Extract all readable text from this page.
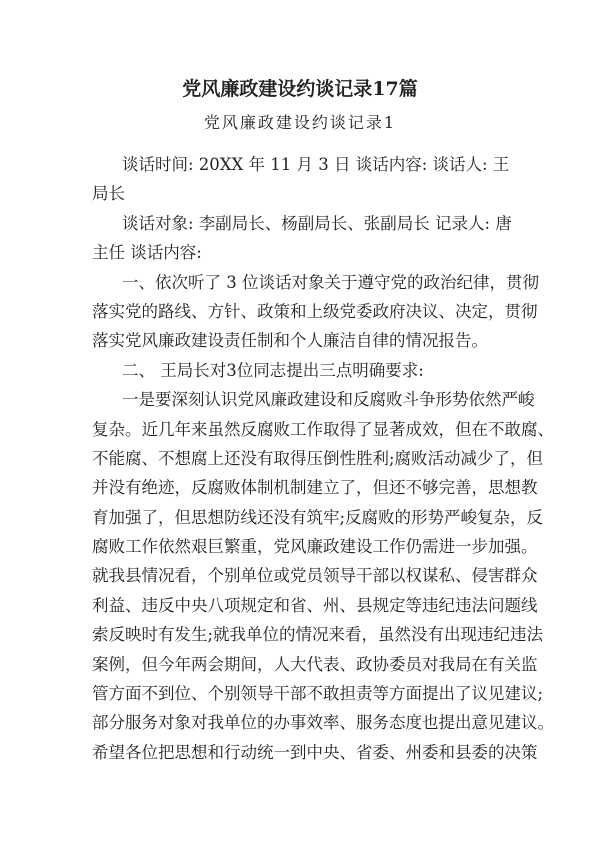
党风廉政建设约谈记录17篇
党风廉政建设约谈记录1
谈话时间: 20XX 年 11 月 3 日 谈话内容: 谈话人: 王
局长
谈话对象: 李副局长、杨副局长、张副局长 记录人: 唐
主任 谈话内容:
一、依次听了 3 位谈话对象关于遵守党的政治纪律，贯彻
落实党的路线、方针、政策和上级党委政府决议、决定，贯彻
落实党风廉政建设责任制和个人廉洁自律的情况报告。
二、 王局长对3位同志提出三点明确要求:
一是要深刻认识党风廉政建设和反腐败斗争形势依然严峻
复杂。近几年来虽然反腐败工作取得了显著成效，但在不敢腐、
不能腐、不想腐上还没有取得压倒性胜利;腐败活动减少了，但
并没有绝迹，反腐败体制机制建立了，但还不够完善，思想教
育加强了，但思想防线还没有筑牢;反腐败的形势严峻复杂，反
腐败工作依然艰巨繁重，党风廉政建设工作仍需进一步加强。
就我县情况看，个别单位或党员领导干部以权谋私、侵害群众
利益、违反中央八项规定和省、州、县规定等违纪违法问题线
索反映时有发生;就我单位的情况来看，虽然没有出现违纪违法
案例，但今年两会期间，人大代表、政协委员对我局在有关监
管方面不到位、个别领导干部不敢担责等方面提出了议见建议;
部分服务对象对我单位的办事效率、服务态度也提出意见建议。
希望各位把思想和行动统一到中央、省委、州委和县委的决策
